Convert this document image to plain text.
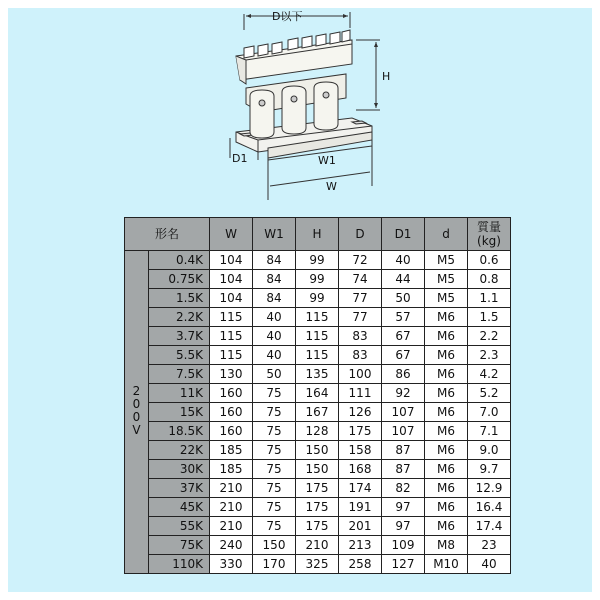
D以下
H
D1	W1
W
形名		W	W1	H	D	D1	d	質量
(kg)
200V	0.4K	104	84	99	72	40	M5	0.6
	0.75K	104	84	99	74	44	M5	0.8
	1.5K	104	84	99	77	50	M5	1.1
	2.2K	115	40	115	77	57	M6	1.5
	3.7K	115	40	115	83	67	M6	2.2
	5.5K	115	40	115	83	67	M6	2.3
	7.5K	130	50	135	100	86	M6	4.2
	11K	160	75	164	111	92	M6	5.2
	15K	160	75	167	126	107	M6	7.0
	18.5K	160	75	128	175	107	M6	7.1
	22K	185	75	150	158	87	M6	9.0
	30K	185	75	150	168	87	M6	9.7
	37K	210	75	175	174	82	M6	12.9
	45K	210	75	175	191	97	M6	16.4
	55K	210	75	175	201	97	M6	17.4
	75K	240	150	210	213	109	M8	23
	110K	330	170	325	258	127	M10	40
